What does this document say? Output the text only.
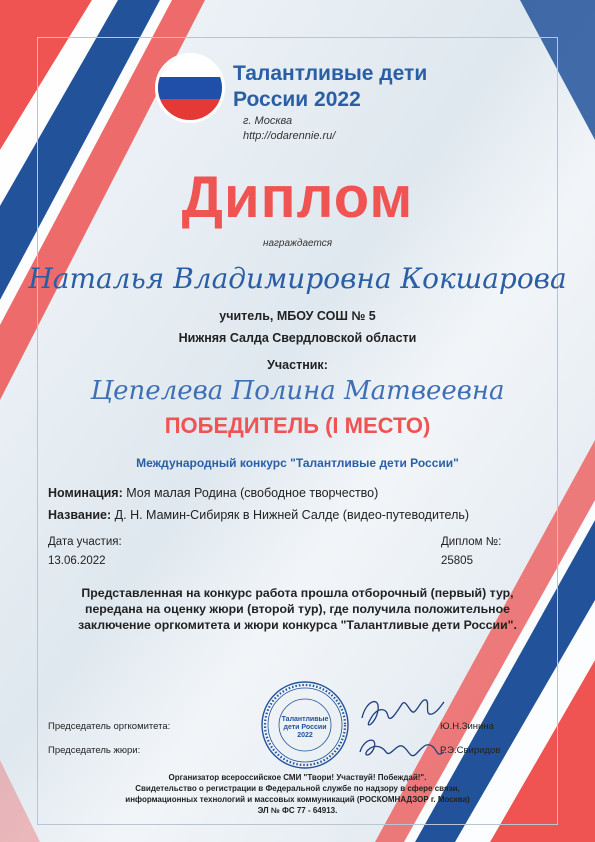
Талантливые дети
России 2022
г. Москва
http://odarennie.ru/
Диплом
награждается
Наталья Владимировна Кокшарова
учитель, МБОУ СОШ № 5
Нижняя Салда Свердловской области
Участник:
Цепелева Полина Матвеевна
ПОБЕДИТЕЛЬ (I МЕСТО)
Международный конкурс "Талантливые дети России"
Номинация: Моя малая Родина (свободное творчество)
Название: Д. Н. Мамин-Сибиряк в Нижней Салде (видео-путеводитель)
Дата участия:
13.06.2022
Диплом №:
25805
Представленная на конкурс работа прошла отборочный (первый) тур,
передана на оценку жюри (второй тур), где получила положительное
заключение оргкомитета и жюри конкурса "Талантливые дети России".
Председатель оргкомитета:
Председатель жюри:
Ю.Н.Зинина
Р.Э.Свиридов
Талантливые
дети России
2022
Организатор всероссийское СМИ "Твори! Участвуй! Побеждай!".
Свидетельство о регистрации в Федеральной службе по надзору в сфере связи,
информационных технологий и массовых коммуникаций (РОСКОМНАДЗОР г. Москва)
ЭЛ № ФС 77 - 64913.
